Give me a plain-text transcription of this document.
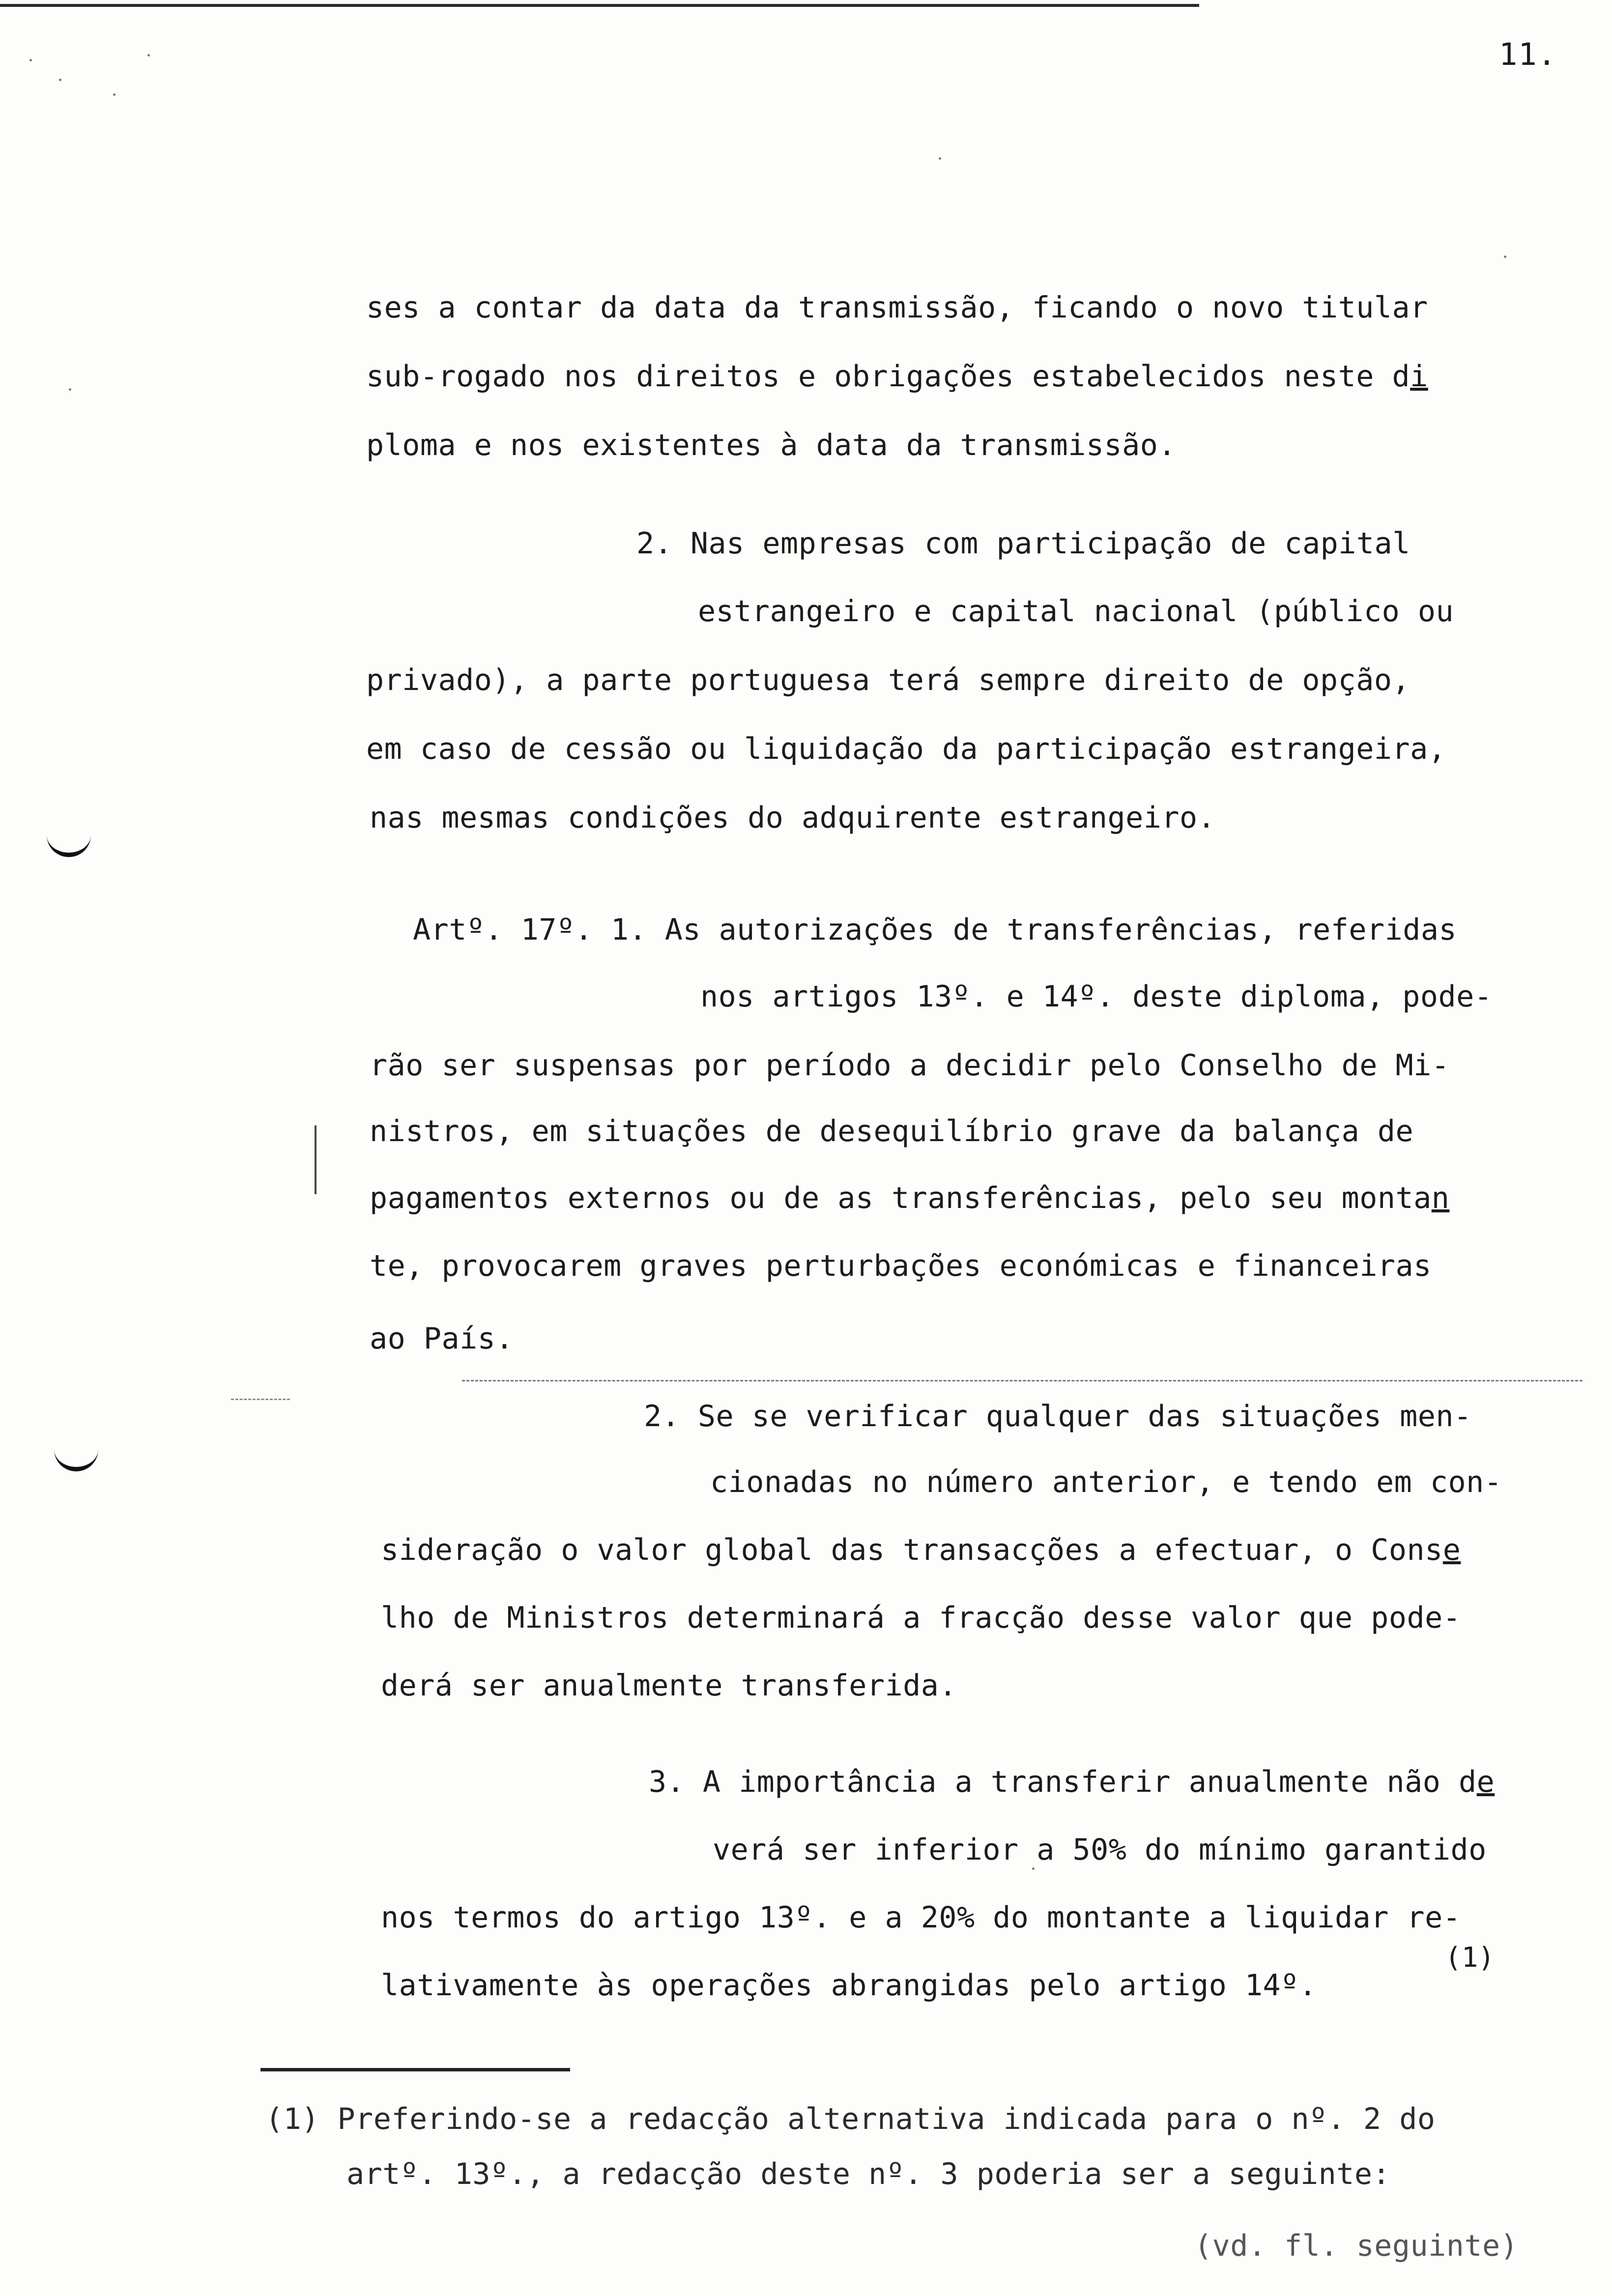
11.
ses a contar da data da transmissão, ficando o novo titular
sub-rogado nos direitos e obrigações estabelecidos neste di
ploma e nos existentes à data da transmissão.
2. Nas empresas com participação de capital
estrangeiro e capital nacional (público ou
privado), a parte portuguesa terá sempre direito de opção,
em caso de cessão ou liquidação da participação estrangeira,
nas mesmas condições do adquirente estrangeiro.
Artº. 17º. 1. As autorizações de transferências, referidas
nos artigos 13º. e 14º. deste diploma, pode-
rão ser suspensas por período a decidir pelo Conselho de Mi-
nistros, em situações de desequilíbrio grave da balança de
pagamentos externos ou de as transferências, pelo seu montan
te, provocarem graves perturbações económicas e financeiras
ao País.
2. Se se verificar qualquer das situações men-
cionadas no número anterior, e tendo em con-
sideração o valor global das transacções a efectuar, o Conse
lho de Ministros determinará a fracção desse valor que pode-
derá ser anualmente transferida.
3. A importância a transferir anualmente não de
verá ser inferior a 50% do mínimo garantido
nos termos do artigo 13º. e a 20% do montante a liquidar re-
lativamente às operações abrangidas pelo artigo 14º.
(1)
(1) Preferindo-se a redacção alternativa indicada para o nº. 2 do
artº. 13º., a redacção deste nº. 3 poderia ser a seguinte:
(vd. fl. seguinte)
